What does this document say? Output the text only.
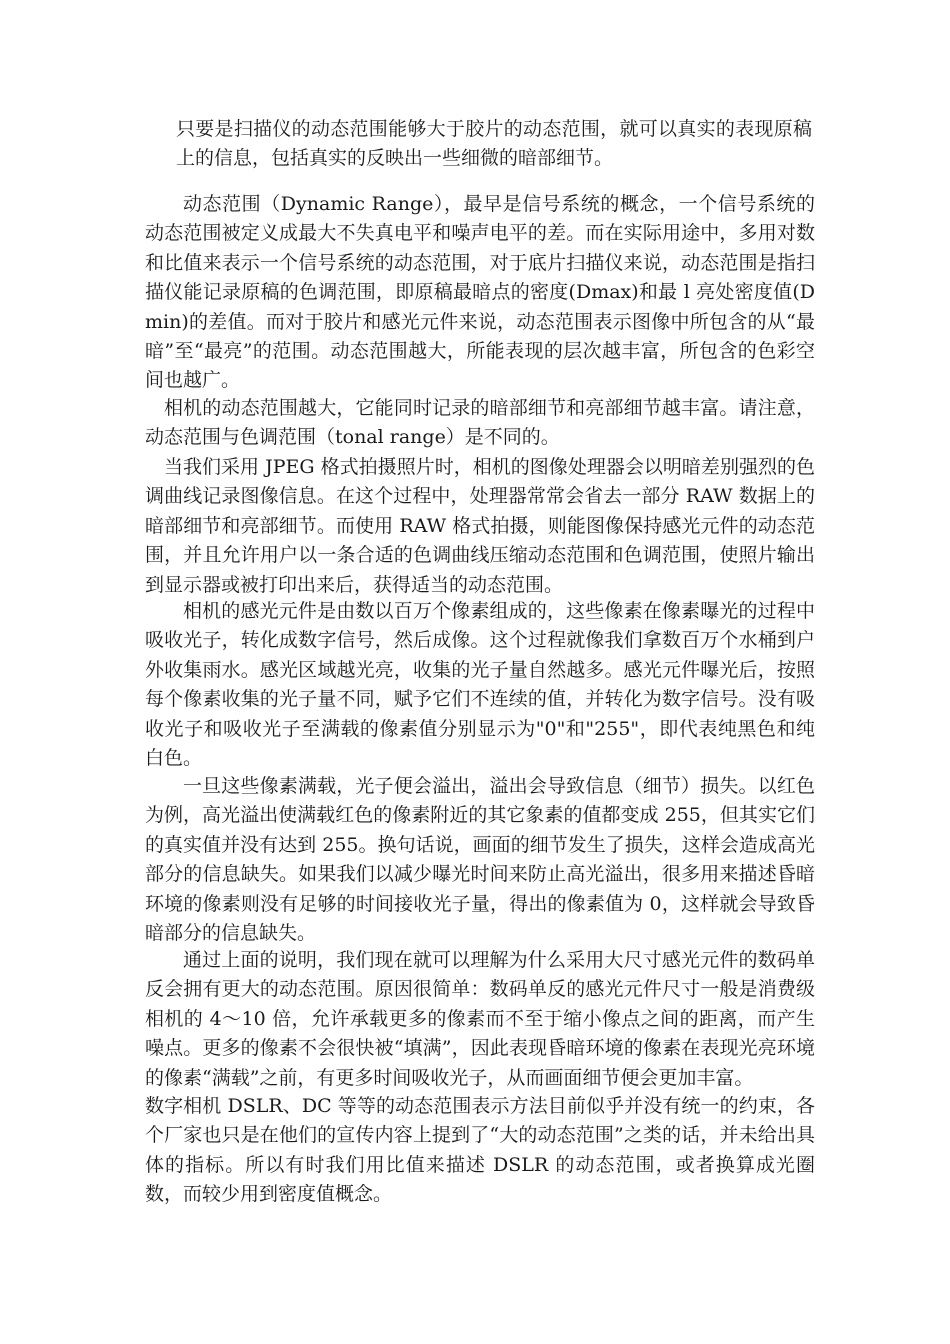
只要是扫描仪的动态范围能够大于胶片的动态范围，就可以真实的表现原稿上的信息，包括真实的反映出一些细微的暗部细节。

动态范围（Dynamic Range），最早是信号系统的概念，一个信号系统的动态范围被定义成最大不失真电平和噪声电平的差。而在实际用途中，多用对数和比值来表示一个信号系统的动态范围，对于底片扫描仪来说，动态范围是指扫描仪能记录原稿的色调范围，即原稿最暗点的密度(Dmax)和最 l 亮处密度值(Dmin)的差值。而对于胶片和感光元件来说，动态范围表示图像中所包含的从“最暗”至“最亮”的范围。动态范围越大，所能表现的层次越丰富，所包含的色彩空间也越广。

相机的动态范围越大，它能同时记录的暗部细节和亮部细节越丰富。请注意，动态范围与色调范围（tonal range）是不同的。

当我们采用 JPEG 格式拍摄照片时，相机的图像处理器会以明暗差别强烈的色调曲线记录图像信息。在这个过程中，处理器常常会省去一部分 RAW 数据上的暗部细节和亮部细节。而使用 RAW 格式拍摄，则能图像保持感光元件的动态范围，并且允许用户以一条合适的色调曲线压缩动态范围和色调范围，使照片输出到显示器或被打印出来后，获得适当的动态范围。

相机的感光元件是由数以百万个像素组成的，这些像素在像素曝光的过程中吸收光子，转化成数字信号，然后成像。这个过程就像我们拿数百万个水桶到户外收集雨水。感光区域越光亮，收集的光子量自然越多。感光元件曝光后，按照每个像素收集的光子量不同，赋予它们不连续的值，并转化为数字信号。没有吸收光子和吸收光子至满载的像素值分别显示为"0"和"255"，即代表纯黑色和纯白色。

一旦这些像素满载，光子便会溢出，溢出会导致信息（细节）损失。以红色为例，高光溢出使满载红色的像素附近的其它象素的值都变成 255，但其实它们的真实值并没有达到 255。换句话说，画面的细节发生了损失，这样会造成高光部分的信息缺失。如果我们以减少曝光时间来防止高光溢出，很多用来描述昏暗环境的像素则没有足够的时间接收光子量，得出的像素值为 0，这样就会导致昏暗部分的信息缺失。

通过上面的说明，我们现在就可以理解为什么采用大尺寸感光元件的数码单反会拥有更大的动态范围。原因很简单：数码单反的感光元件尺寸一般是消费级相机的 4～10 倍，允许承载更多的像素而不至于缩小像点之间的距离，而产生噪点。更多的像素不会很快被“填满”，因此表现昏暗环境的像素在表现光亮环境的像素“满载”之前，有更多时间吸收光子，从而画面细节便会更加丰富。

数字相机 DSLR、DC 等等的动态范围表示方法目前似乎并没有统一的约束，各个厂家也只是在他们的宣传内容上提到了“大的动态范围”之类的话，并未给出具体的指标。所以有时我们用比值来描述 DSLR 的动态范围，或者换算成光圈数，而较少用到密度值概念。
